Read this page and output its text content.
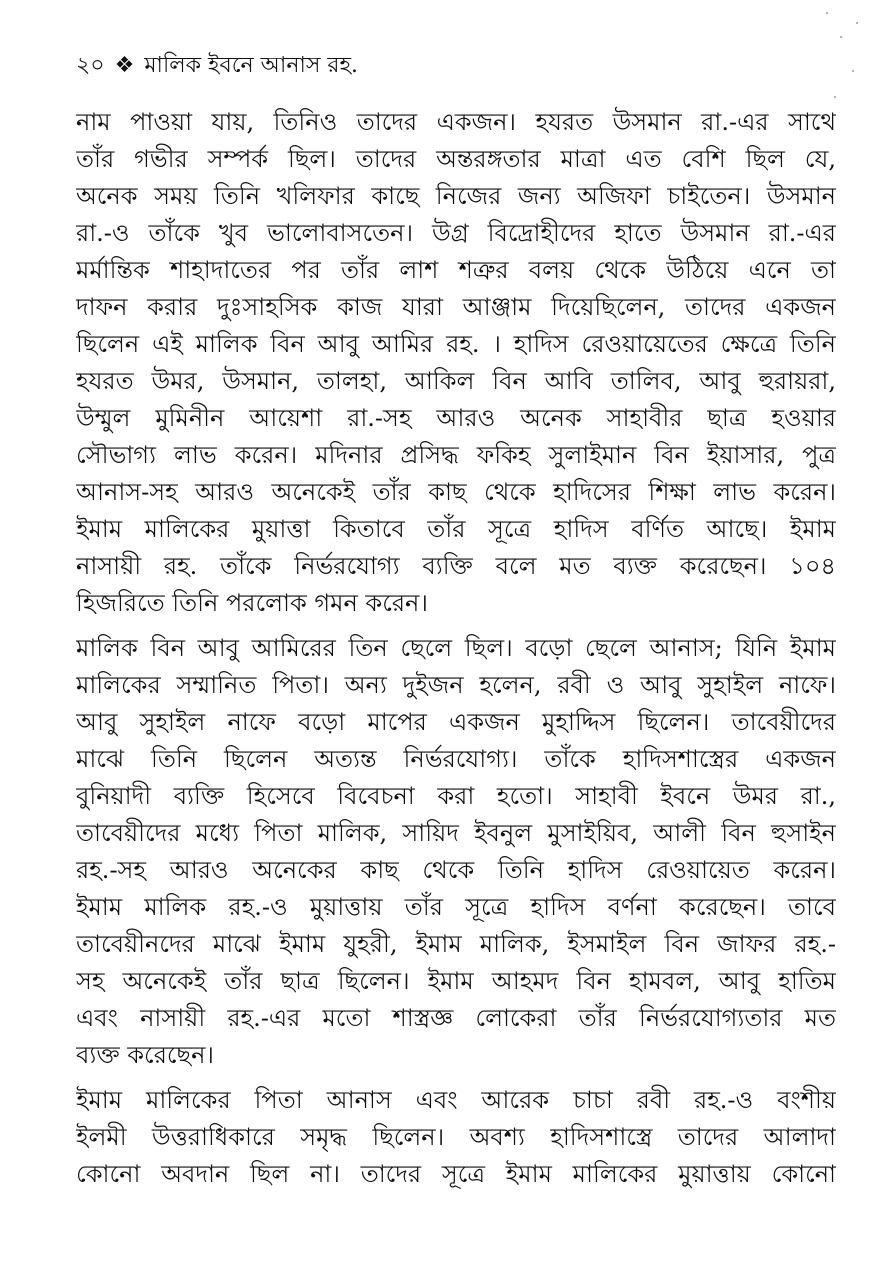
২০ ❖ মালিক ইবনে আনাস রহ.
নাম পাওয়া যায়, তিনিও তাদের একজন। হযরত উসমান রা.-এর সাথে
তাঁর গভীর সম্পর্ক ছিল। তাদের অন্তরঙ্গতার মাত্রা এত বেশি ছিল যে,
অনেক সময় তিনি খলিফার কাছে নিজের জন্য অজিফা চাইতেন। উসমান
রা.-ও তাঁকে খুব ভালোবাসতেন। উগ্র বিদ্রোহীদের হাতে উসমান রা.-এর
মর্মান্তিক শাহাদাতের পর তাঁর লাশ শত্রুর বলয় থেকে উঠিয়ে এনে তা
দাফন করার দুঃসাহসিক কাজ যারা আঞ্জাম দিয়েছিলেন, তাদের একজন
ছিলেন এই মালিক বিন আবু আমির রহ. । হাদিস রেওয়ায়েতের ক্ষেত্রে তিনি
হযরত উমর, উসমান, তালহা, আকিল বিন আবি তালিব, আবু হুরায়রা,
উম্মুল মুমিনীন আয়েশা রা.-সহ আরও অনেক সাহাবীর ছাত্র হওয়ার
সৌভাগ্য লাভ করেন। মদিনার প্রসিদ্ধ ফকিহ সুলাইমান বিন ইয়াসার, পুত্র
আনাস-সহ আরও অনেকেই তাঁর কাছ থেকে হাদিসের শিক্ষা লাভ করেন।
ইমাম মালিকের মুয়াত্তা কিতাবে তাঁর সূত্রে হাদিস বর্ণিত আছে। ইমাম
নাসায়ী রহ. তাঁকে নির্ভরযোগ্য ব্যক্তি বলে মত ব্যক্ত করেছেন। ১০৪
হিজরিতে তিনি পরলোক গমন করেন।
মালিক বিন আবু আমিরের তিন ছেলে ছিল। বড়ো ছেলে আনাস; যিনি ইমাম
মালিকের সম্মানিত পিতা। অন্য দুইজন হলেন, রবী ও আবু সুহাইল নাফে।
আবু সুহাইল নাফে বড়ো মাপের একজন মুহাদ্দিস ছিলেন। তাবেয়ীদের
মাঝে তিনি ছিলেন অত্যন্ত নির্ভরযোগ্য। তাঁকে হাদিসশাস্ত্রের একজন
বুনিয়াদী ব্যক্তি হিসেবে বিবেচনা করা হতো। সাহাবী ইবনে উমর রা.,
তাবেয়ীদের মধ্যে পিতা মালিক, সায়িদ ইবনুল মুসাইয়িব, আলী বিন হুসাইন
রহ.-সহ আরও অনেকের কাছ থেকে তিনি হাদিস রেওয়ায়েত করেন।
ইমাম মালিক রহ.-ও মুয়াত্তায় তাঁর সূত্রে হাদিস বর্ণনা করেছেন। তাবে
তাবেয়ীনদের মাঝে ইমাম যুহরী, ইমাম মালিক, ইসমাইল বিন জাফর রহ.-
সহ অনেকেই তাঁর ছাত্র ছিলেন। ইমাম আহমদ বিন হামবল, আবু হাতিম
এবং নাসায়ী রহ.-এর মতো শাস্ত্রজ্ঞ লোকেরা তাঁর নির্ভরযোগ্যতার মত
ব্যক্ত করেছেন।
ইমাম মালিকের পিতা আনাস এবং আরেক চাচা রবী রহ.-ও বংশীয়
ইলমী উত্তরাধিকারে সমৃদ্ধ ছিলেন। অবশ্য হাদিসশাস্ত্রে তাদের আলাদা
কোনো অবদান ছিল না। তাদের সূত্রে ইমাম মালিকের মুয়াত্তায় কোনো
